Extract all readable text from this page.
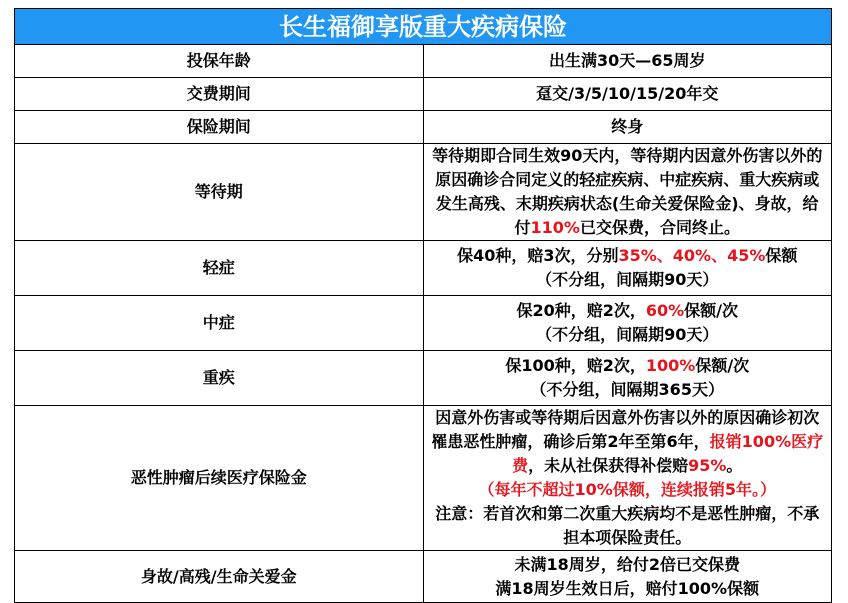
长生福御享版重大疾病保险	
投保年龄	出生满30天—65周岁
交费期间	趸交/3/5/10/15/20年交
保险期间	终身
等待期	等待期即合同生效90天内，等待期内因意外伤害以外的原因确诊合同定义的轻症疾病、中症疾病、重大疾病或发生高残、末期疾病状态(生命关爱保险金)、身故，给付110%已交保费，合同终止。
轻症	保40种，赔3次，分别35%、40%、45%保额
（不分组，间隔期90天）

中症	保20种，赔2次，60%保额/次
（不分组，间隔期90天）

重疾	保100种，赔2次，100%保额/次
（不分组，间隔期365天）

恶性肿瘤后续医疗保险金	因意外伤害或等待期后因意外伤害以外的原因确诊初次罹患恶性肿瘤，确诊后第2年至第6年，报销100%医疗费，未从社保获得补偿赔95%。
（每年不超过10%保额，连续报销5年。）
注意：若首次和第二次重大疾病均不是恶性肿瘤，不承担本项保险责任。

身故/高残/生命关爱金	未满18周岁，给付2倍已交保费
满18周岁生效日后，赔付100%保额
